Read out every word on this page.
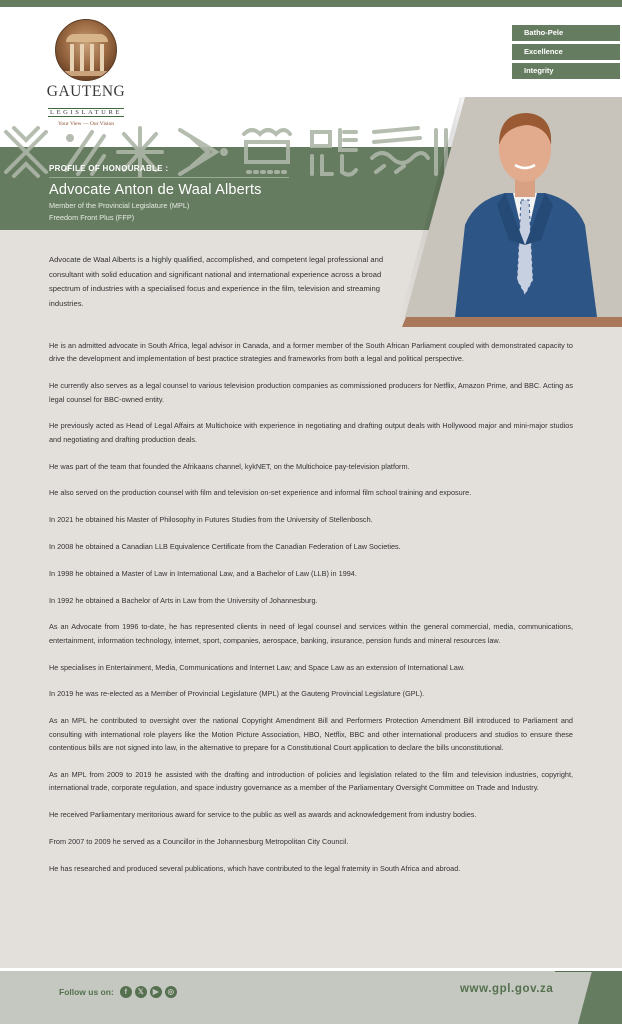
GAUTENG
LEGISLATURE
Your View — Our Vision
Batho-Pele
Excellence
Integrity
PROFILE OF HONOURABLE :
Advocate Anton de Waal Alberts
Member of the Provincial Legislature (MPL)
Freedom Front Plus (FFP)
Advocate de Waal Alberts is a highly qualified, accomplished, and competent legal professional and consultant with solid education and significant national and international experience across a broad spectrum of industries with a specialised focus and experience in the film, television and streaming industries.

He is an admitted advocate in South Africa, legal advisor in Canada, and a former member of the South African Parliament coupled with demonstrated capacity to drive the development and implementation of best practice strategies and frameworks from both a legal and political perspective.

He currently also serves as a legal counsel to various television production companies as commissioned producers for Netflix, Amazon Prime, and BBC. Acting as legal counsel for BBC-owned entity.

He previously acted as Head of Legal Affairs at Multichoice with experience in negotiating and drafting output deals with Hollywood major and mini-major studios and negotiating and drafting production deals.

He was part of the team that founded the Afrikaans channel, kykNET, on the Multichoice pay-television platform.

He also served on the production counsel with film and television on-set experience and informal film school training and exposure.

In 2021 he obtained his Master of Philosophy in Futures Studies from the University of Stellenbosch.

In 2008 he obtained a Canadian LLB Equivalence Certificate from the Canadian Federation of Law Societies.

In 1998 he obtained a Master of Law in International Law, and a Bachelor of Law (LLB) in 1994.

In 1992 he obtained a Bachelor of Arts in Law from the University of Johannesburg.

As an Advocate from 1996 to-date, he has represented clients in need of legal counsel and services within the general commercial, media, communications, entertainment, information technology, internet, sport, companies, aerospace, banking, insurance, pension funds and mineral resources law.

He specialises in Entertainment, Media, Communications and Internet Law; and Space Law as an extension of International Law.

In 2019 he was re-elected as a Member of Provincial Legislature (MPL) at the Gauteng Provincial Legislature (GPL).

As an MPL he contributed to oversight over the national Copyright Amendment Bill and Performers Protection Amendment Bill introduced to Parliament and consulting with international role players like the Motion Picture Association, HBO, Netflix, BBC and other international producers and studios to ensure these contentious bills are not signed into law, in the alternative to prepare for a Constitutional Court application to declare the bills unconstitutional.

As an MPL from 2009 to 2019 he assisted with the drafting and introduction of policies and legislation related to the film and television industries, copyright, international trade, corporate regulation, and space industry governance as a member of the Parliamentary Oversight Committee on Trade and Industry.

He received Parliamentary meritorious award for service to the public as well as awards and acknowledgement from industry bodies.

From 2007 to 2009 he served as a Councillor in the Johannesburg Metropolitan City Council.

He has researched and produced several publications, which have contributed to the legal fraternity in South Africa and abroad.

Follow us on:	f	𝕏	▶	◎	www.gpl.gov.za
